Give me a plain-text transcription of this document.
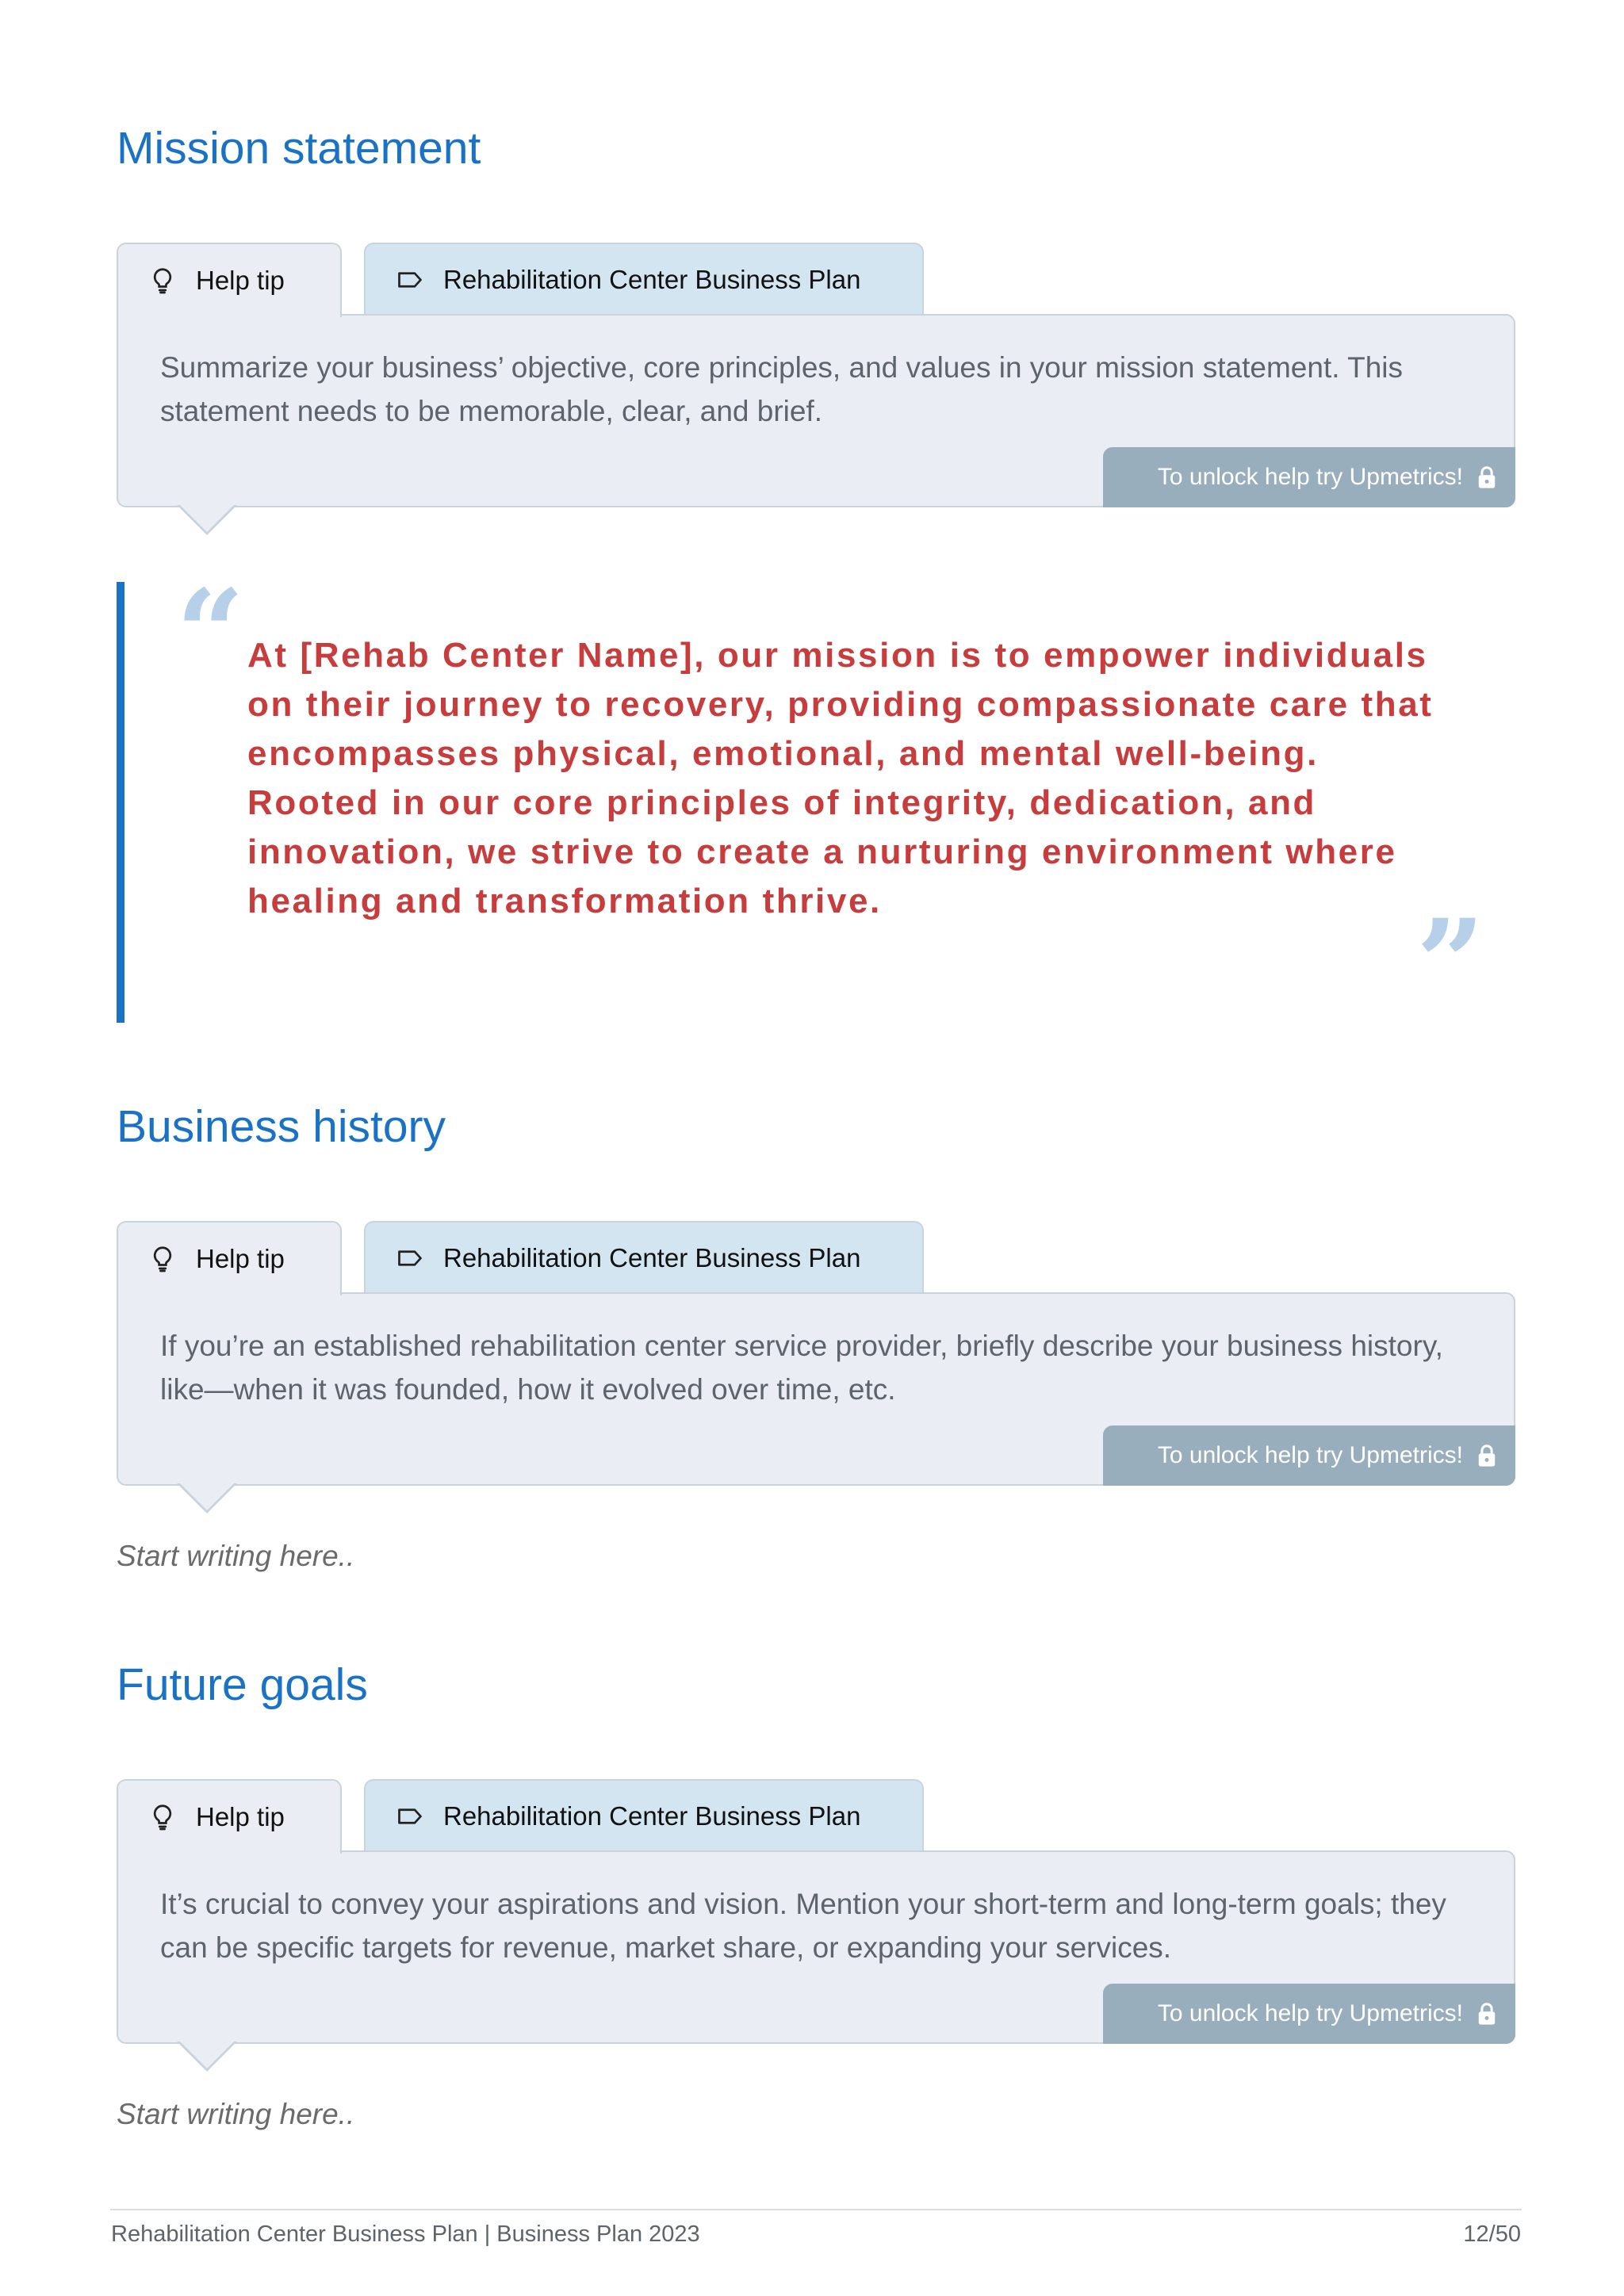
Mission statement
Help tip	Rehabilitation Center Business Plan

Summarize your business’ objective, core principles, and values in your mission statement. This statement needs to be memorable, clear, and brief.

To unlock help try Upmetrics!
“ At [Rehab Center Name], our mission is to empower individuals on their journey to recovery, providing compassionate care that encompasses physical, emotional, and mental well-being. Rooted in our core principles of integrity, dedication, and innovation, we strive to create a nurturing environment where healing and transformation thrive.	”
Business history
Help tip	Rehabilitation Center Business Plan

If you’re an established rehabilitation center service provider, briefly describe your business history, like—when it was founded, how it evolved over time, etc.

To unlock help try Upmetrics!

Start writing here..

Future goals
Help tip	Rehabilitation Center Business Plan

It’s crucial to convey your aspirations and vision. Mention your short-term and long-term goals; they can be specific targets for revenue, market share, or expanding your services.

To unlock help try Upmetrics!

Start writing here..

Rehabilitation Center Business Plan | Business Plan 2023	12/50
